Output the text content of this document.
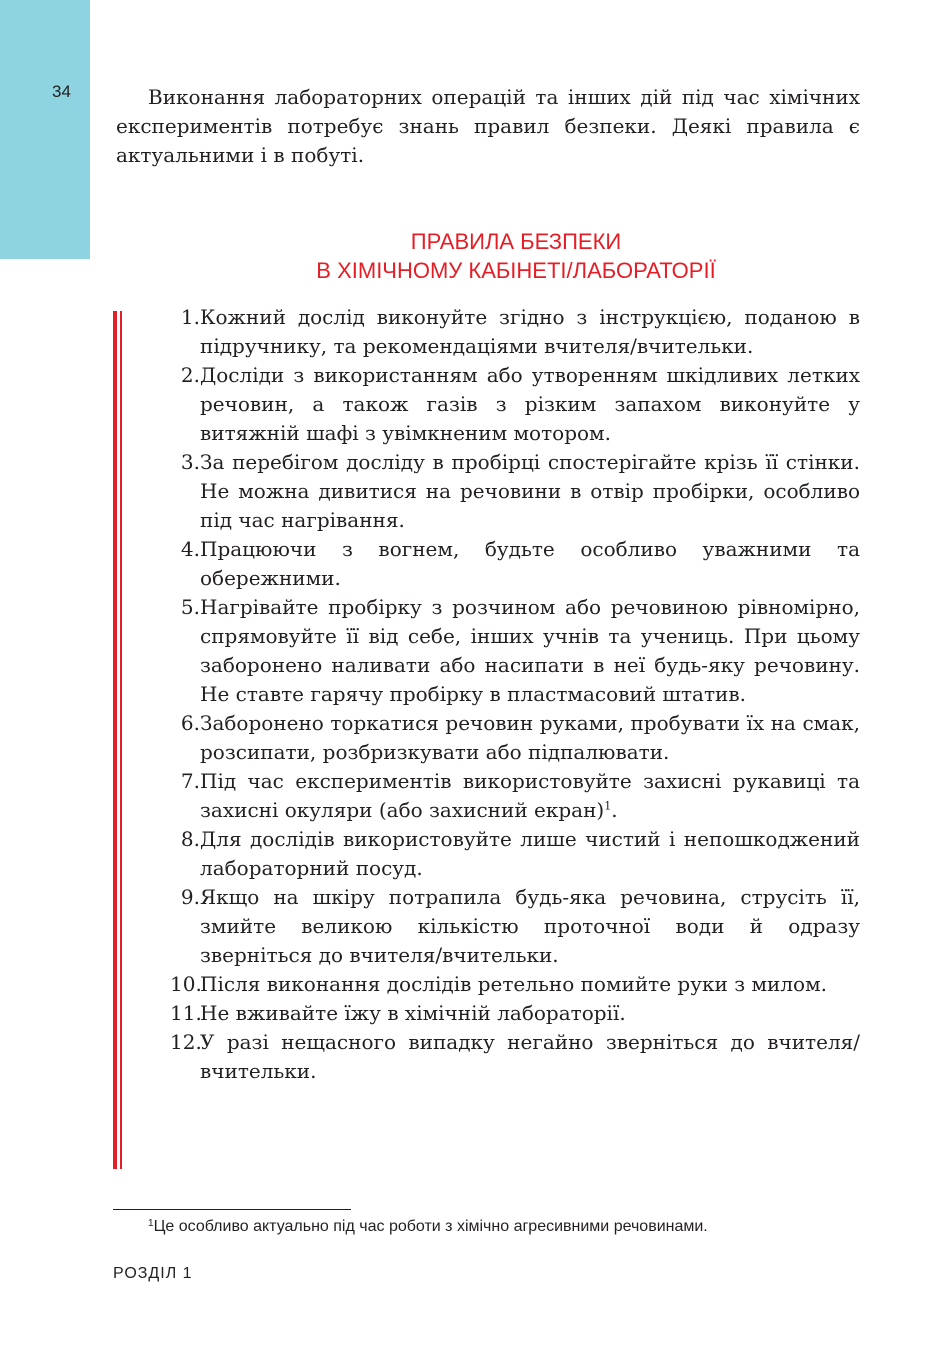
34	Виконання лабораторних операцій та інших дій під час хімічних експериментів потребує знань правил безпеки. Деякі правила є актуальними і в побуті.

ПРАВИЛА БЕЗПЕКИ
В ХІМІЧНОМУ КАБІНЕТІ/ЛАБОРАТОРІЇ
1. Кожний дослід виконуйте згідно з інструкцією, поданою в підручнику, та рекомендаціями вчителя/вчительки.
2. Досліди з використанням або утворенням шкідливих летких речовин, а також газів з різким запахом виконуйте у витяжній шафі з увімкненим мотором.
3. За перебігом досліду в пробірці спостерігайте крізь її стінки. Не можна дивитися на речовини в отвір пробірки, особливо під час нагрівання.
4. Працюючи з вогнем, будьте особливо уважними та обережними.
5. Нагрівайте пробірку з розчином або речовиною рівномірно, спрямовуйте її від себе, інших учнів та учениць. При цьому заборонено наливати або насипати в неї будь-яку речовину. Не ставте гарячу пробірку в пластмасовий штатив.
6. Заборонено торкатися речовин руками, пробувати їх на смак, розсипати, розбризкувати або підпалювати.
7. Під час експериментів використовуйте захисні рукавиці та захисні окуляри (або захисний екран)$^1$.
8. Для дослідів використовуйте лише чистий і непошкоджений лабораторний посуд.
9. Якщо на шкіру потрапила будь-яка речовина, струсіть її, змийте великою кількістю проточної води й одразу зверніться до вчителя/вчительки.
10.
Після виконання дослідів ретельно помийте руки з милом.
11.
Не вживайте їжу в хімічній лабораторії.
12.
У разі нещасного випадку негайно зверніться до вчителя/вчительки.
$^1$Це особливо актуально під час роботи з хімічно агресивними речовинами.
РОЗДІЛ 1
